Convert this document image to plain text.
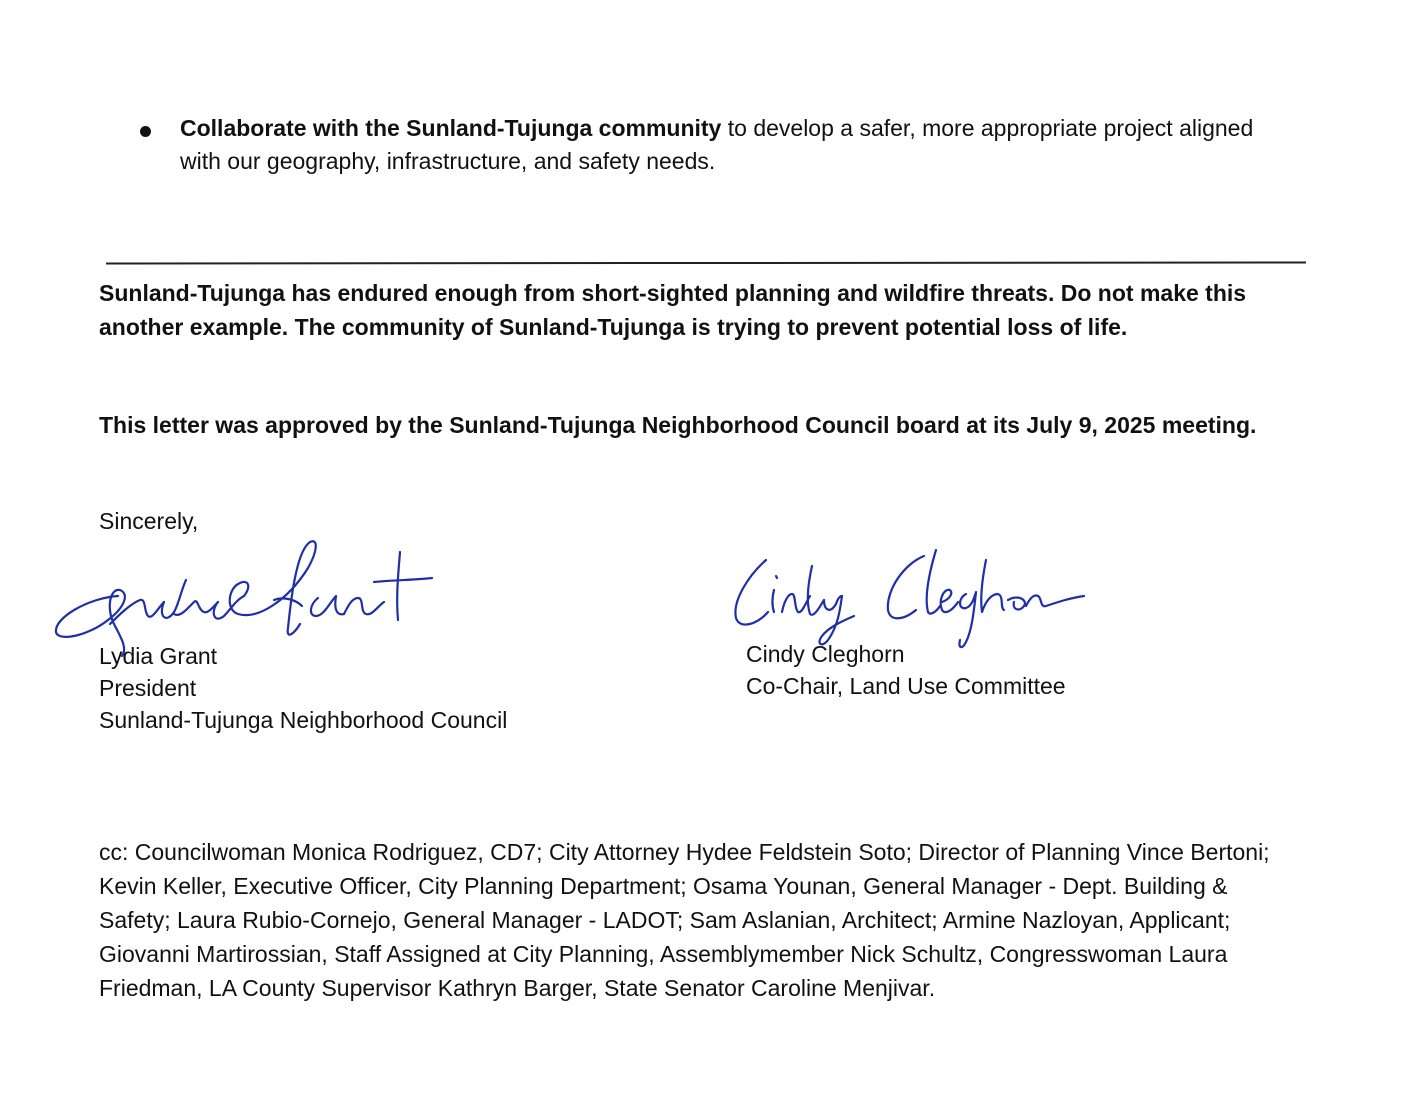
Collaborate with the Sunland-Tujunga community to develop a safer, more appropriate project aligned with our geography, infrastructure, and safety needs.
Sunland-Tujunga has endured enough from short-sighted planning and wildfire threats. Do not make this another example. The community of Sunland-Tujunga is trying to prevent potential loss of life.
This letter was approved by the Sunland-Tujunga Neighborhood Council board at its July 9, 2025 meeting.
Sincerely,
Lydia Grant
President
Sunland-Tujunga Neighborhood Council
Cindy Cleghorn
Co-Chair, Land Use Committee
cc: Councilwoman Monica Rodriguez, CD7; City Attorney Hydee Feldstein Soto; Director of Planning Vince Bertoni; Kevin Keller, Executive Officer, City Planning Department; Osama Younan, General Manager - Dept. Building & Safety; Laura Rubio-Cornejo, General Manager - LADOT; Sam Aslanian, Architect; Armine Nazloyan, Applicant; Giovanni Martirossian, Staff Assigned at City Planning, Assemblymember Nick Schultz, Congresswoman Laura Friedman, LA County Supervisor Kathryn Barger, State Senator Caroline Menjivar.
